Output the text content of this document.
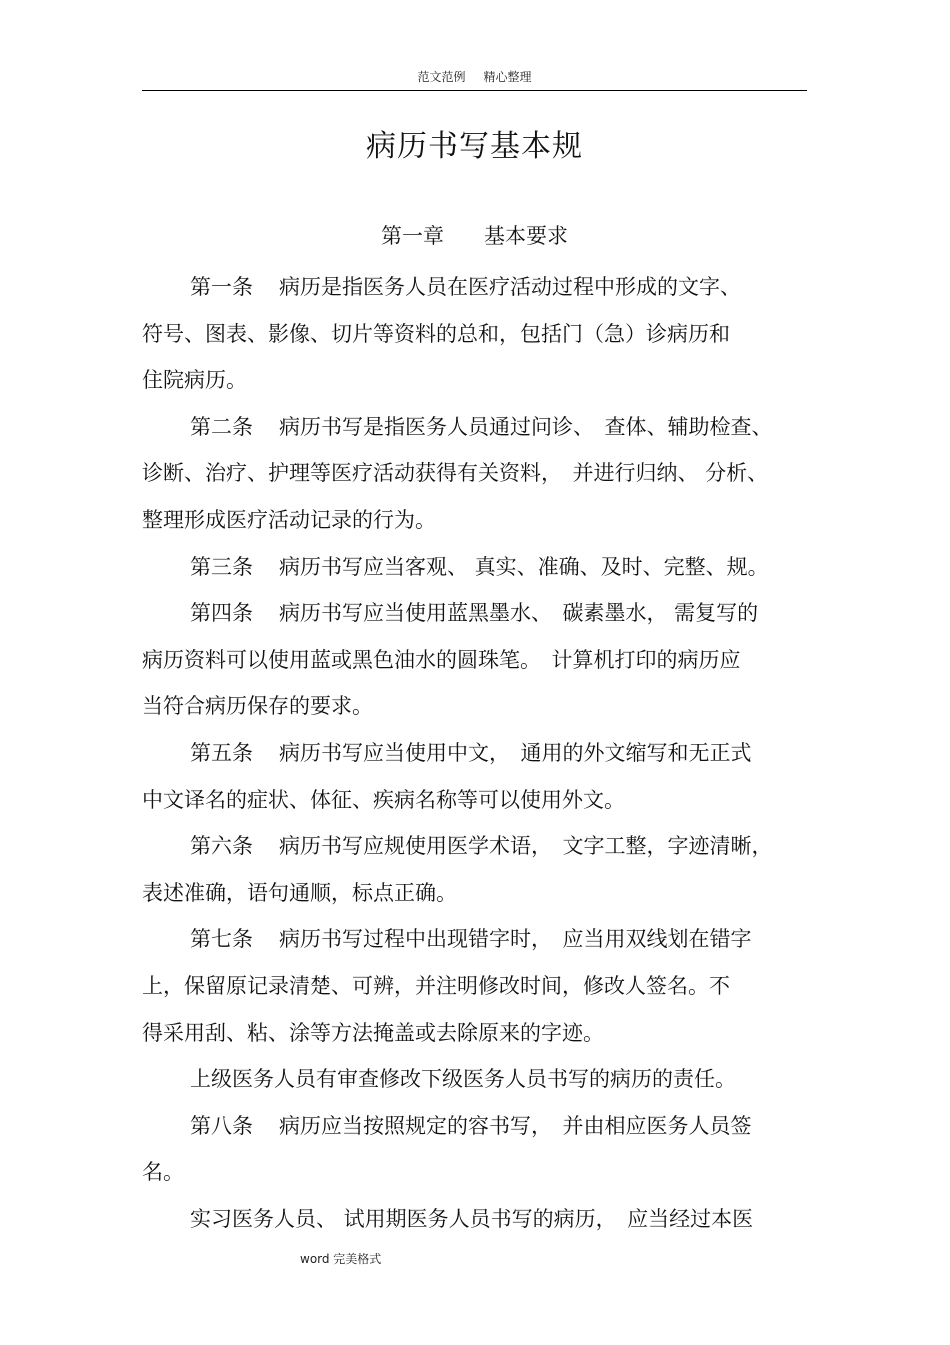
范文范例 精心整理
病历书写基本规
第一章 基本要求
第一条 病历是指医务人员在医疗活动过程中形成的文字、
符号、图表、影像、切片等资料的总和，包括门（急）诊病历和
住院病历。
第二条 病历书写是指医务人员通过问诊、　查体、辅助检查、
诊断、治疗、护理等医疗活动获得有关资料，　并进行归纳、 分析、
整理形成医疗活动记录的行为。
第三条 病历书写应当客观、 真实、准确、及时、完整、规。
第四条 病历书写应当使用蓝黑墨水、　碳素墨水， 需复写的
病历资料可以使用蓝或黑色油水的圆珠笔。　计算机打印的病历应
当符合病历保存的要求。
第五条 病历书写应当使用中文，　通用的外文缩写和无正式
中文译名的症状、体征、疾病名称等可以使用外文。
第六条 病历书写应规使用医学术语，　文字工整，字迹清晰，
表述准确，语句通顺，标点正确。
第七条 病历书写过程中出现错字时，　应当用双线划在错字
上，保留原记录清楚、可辨，并注明修改时间，修改人签名。不
得采用刮、粘、涂等方法掩盖或去除原来的字迹。
上级医务人员有审查修改下级医务人员书写的病历的责任。
第八条 病历应当按照规定的容书写，　并由相应医务人员签
名。
实习医务人员、 试用期医务人员书写的病历，　应当经过本医
word 完美格式
